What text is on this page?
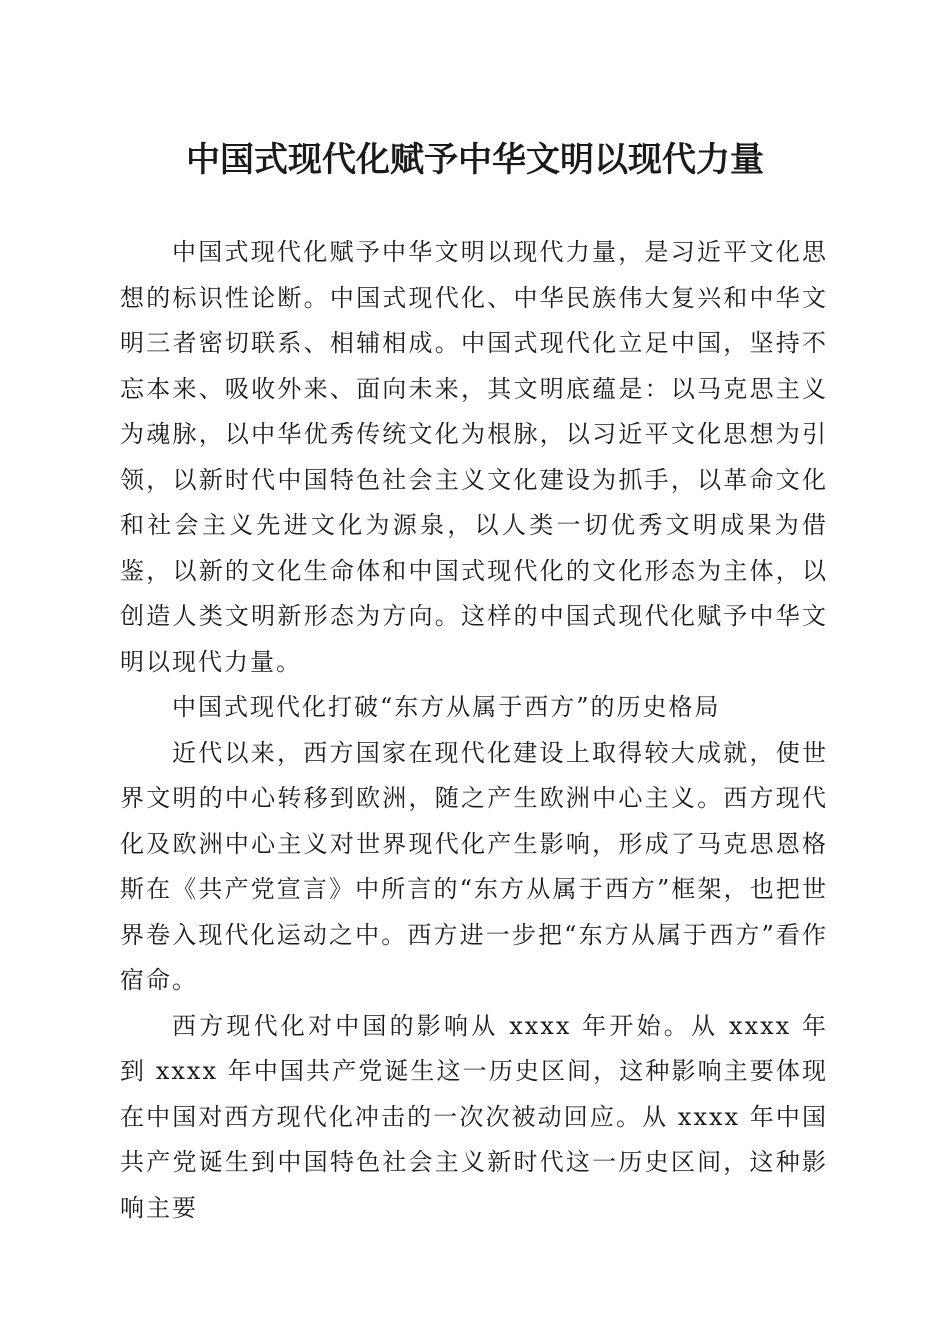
中国式现代化赋予中华文明以现代力量

中国式现代化赋予中华文明以现代力量，是习近平文化思想的标识性论断。中国式现代化、中华民族伟大复兴和中华文明三者密切联系、相辅相成。中国式现代化立足中国，坚持不忘本来、吸收外来、面向未来，其文明底蕴是：以马克思主义为魂脉，以中华优秀传统文化为根脉，以习近平文化思想为引领，以新时代中国特色社会主义文化建设为抓手，以革命文化和社会主义先进文化为源泉，以人类一切优秀文明成果为借鉴，以新的文化生命体和中国式现代化的文化形态为主体，以创造人类文明新形态为方向。这样的中国式现代化赋予中华文明以现代力量。

中国式现代化打破“东方从属于西方”的历史格局

近代以来，西方国家在现代化建设上取得较大成就，使世界文明的中心转移到欧洲，随之产生欧洲中心主义。西方现代化及欧洲中心主义对世界现代化产生影响，形成了马克思恩格斯在《共产党宣言》中所言的“东方从属于西方”框架，也把世界卷入现代化运动之中。西方进一步把“东方从属于西方”看作宿命。

西方现代化对中国的影响从 xxxx 年开始。从 xxxx 年到 xxxx 年中国共产党诞生这一历史区间，这种影响主要体现在中国对西方现代化冲击的一次次被动回应。从 xxxx 年中国共产党诞生到中国特色社会主义新时代这一历史区间，这种影响主要
